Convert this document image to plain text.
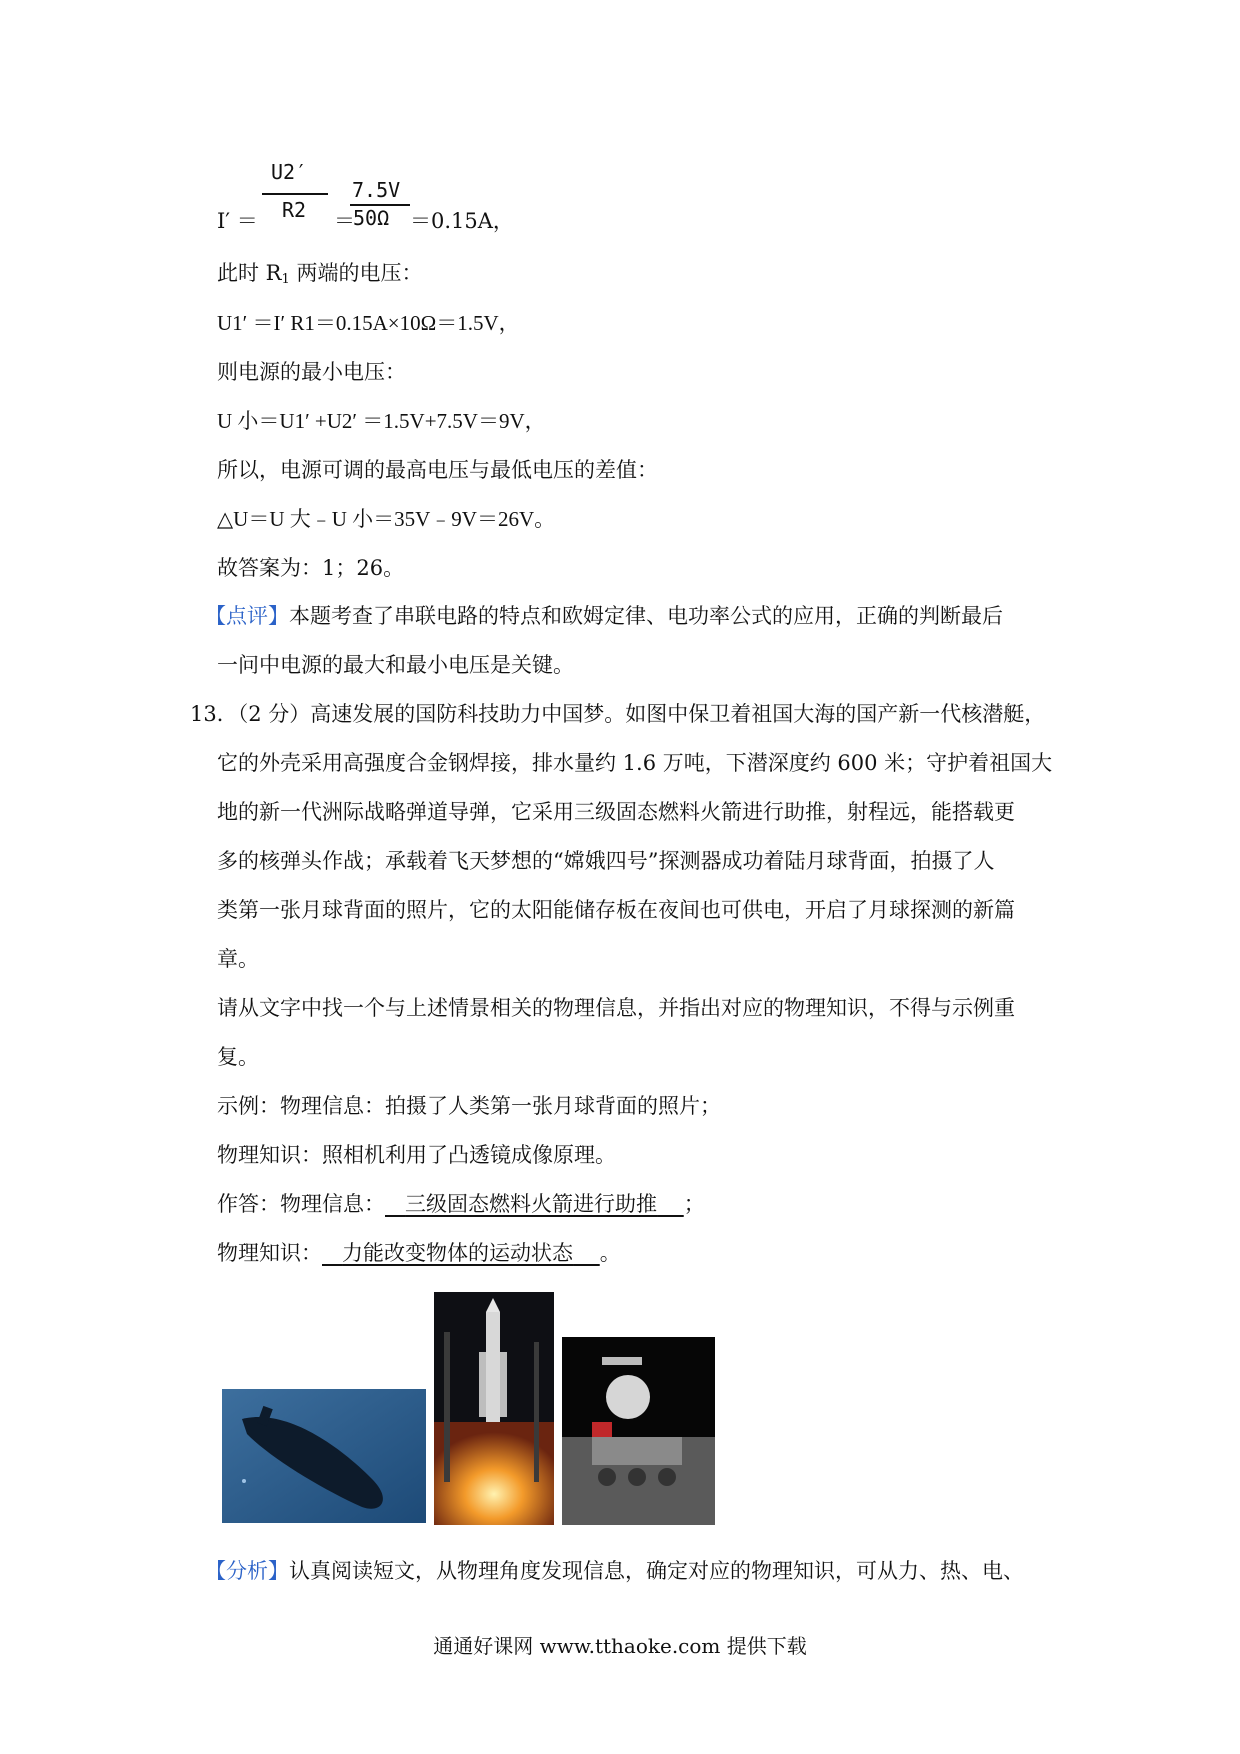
I′ ＝
U2′
R2 ＝
7.5V
50Ω ＝0.15A，
此时 $R_1$ 两端的电压：
U1′ ＝I′ R1＝0.15A×10Ω＝1.5V，
则电源的最小电压：
U 小＝U1′ +U2′ ＝1.5V+7.5V＝9V，
所以，电源可调的最高电压与最低电压的差值：
△U＝U 大﹣U 小＝35V﹣9V＝26V。
故答案为：1；26。
【点评】本题考查了串联电路的特点和欧姆定律、电功率公式的应用，正确的判断最后
一问中电源的最大和最小电压是关键。
13．（2 分）高速发展的国防科技助力中国梦。如图中保卫着祖国大海的国产新一代核潜艇，
它的外壳采用高强度合金钢焊接，排水量约 1.6 万吨，下潜深度约 600 米；守护着祖国大
地的新一代洲际战略弹道导弹，它采用三级固态燃料火箭进行助推，射程远，能搭载更
多的核弹头作战；承载着飞天梦想的“嫦娥四号”探测器成功着陆月球背面，拍摄了人
类第一张月球背面的照片，它的太阳能储存板在夜间也可供电，开启了月球探测的新篇
章。
请从文字中找一个与上述情景相关的物理信息，并指出对应的物理知识，不得与示例重
复。
示例：物理信息：拍摄了人类第一张月球背面的照片；
物理知识：照相机利用了凸透镜成像原理。
作答：物理信息： 三级固态燃料火箭进行助推 ；
物理知识： 力能改变物体的运动状态 。
【分析】认真阅读短文，从物理角度发现信息，确定对应的物理知识，可从力、热、电、
通通好课网 www.tthaoke.com 提供下载
